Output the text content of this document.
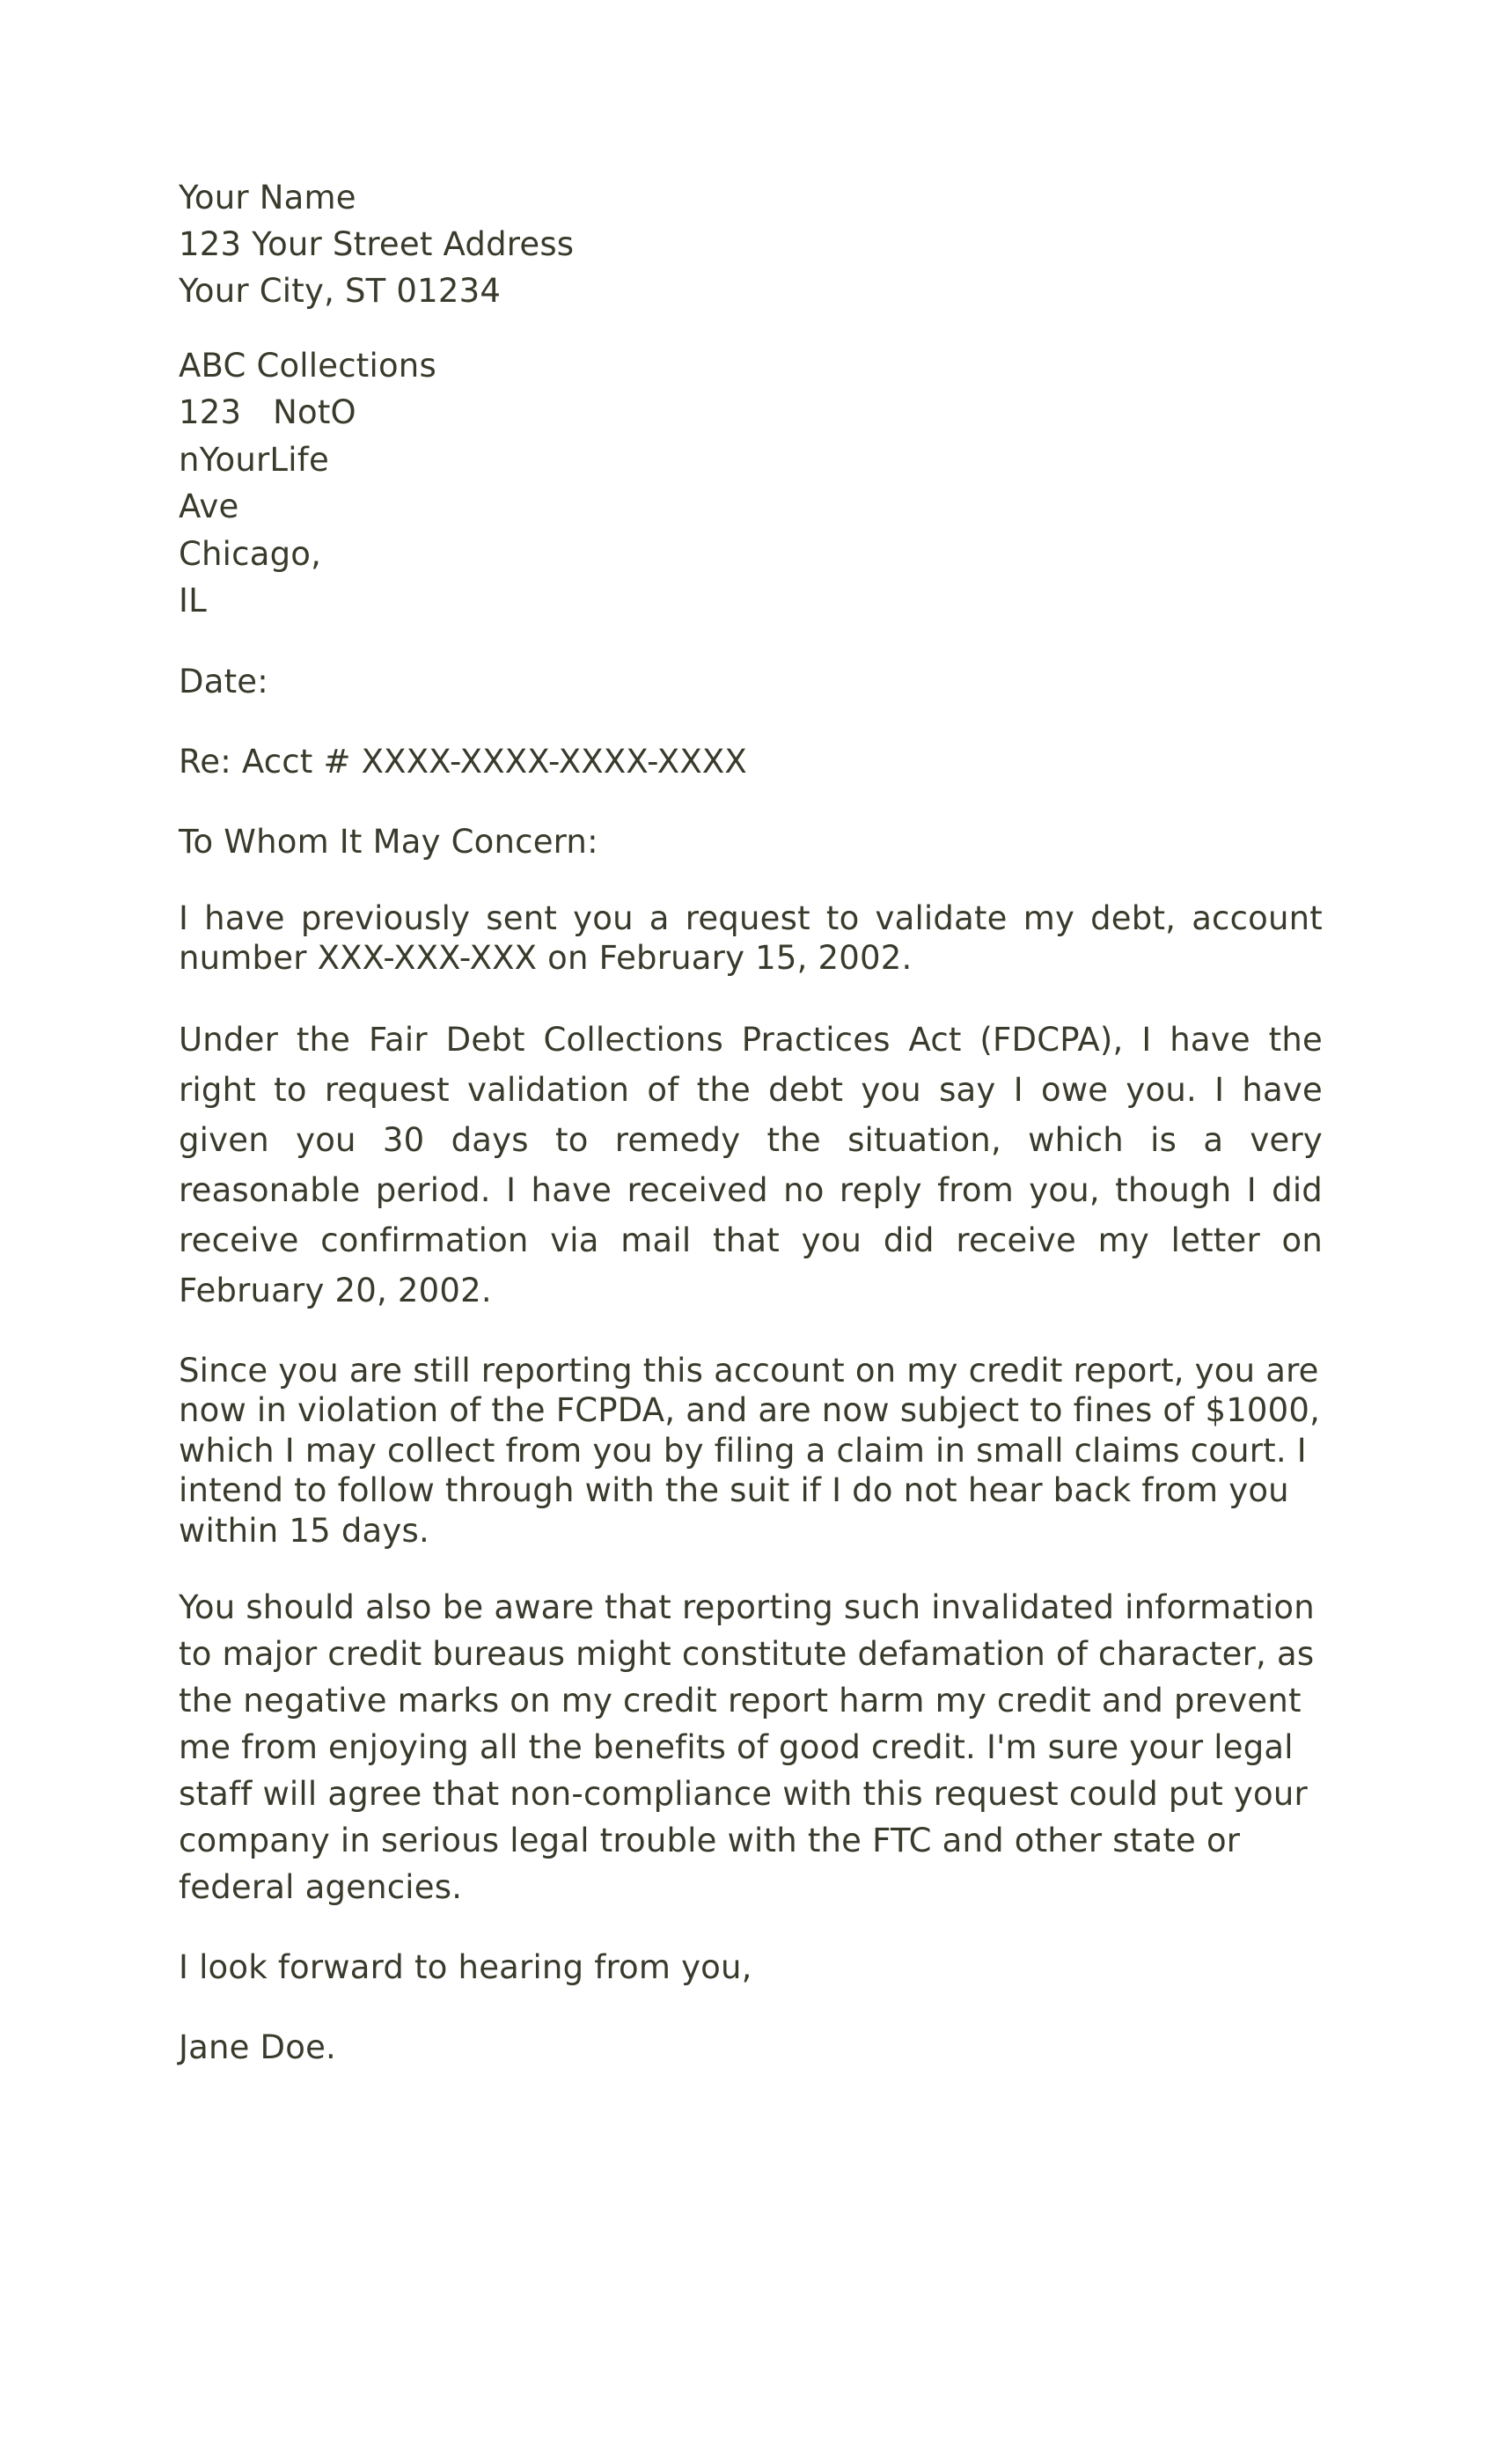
Your Name
123 Your Street Address
Your City, ST 01234
ABC Collections
123   NotO
nYourLife
Ave
Chicago,
IL
Date:
Re: Acct # XXXX-XXXX-XXXX-XXXX
To Whom It May Concern:

I have previously sent you a request to validate my debt, account number XXX-XXX-XXX on February 15, 2002.

Under the Fair Debt Collections Practices Act (FDCPA), I have the right to request validation of the debt you say I owe you. I have given you 30 days to remedy the situation, which is a very reasonable period. I have received no reply from you, though I did receive confirmation via mail that you did receive my letter on February 20, 2002.

Since you are still reporting this account on my credit report, you are now in violation of the FCPDA, and are now subject to fines of $1000, which I may collect from you by filing a claim in small claims court. I intend to follow through with the suit if I do not hear back from you within 15 days.

You should also be aware that reporting such invalidated information to major credit bureaus might constitute defamation of character, as the negative marks on my credit report harm my credit and prevent me from enjoying all the benefits of good credit. I'm sure your legal staff will agree that non-compliance with this request could put your company in serious legal trouble with the FTC and other state or federal agencies.

I look forward to hearing from you,
Jane Doe.
